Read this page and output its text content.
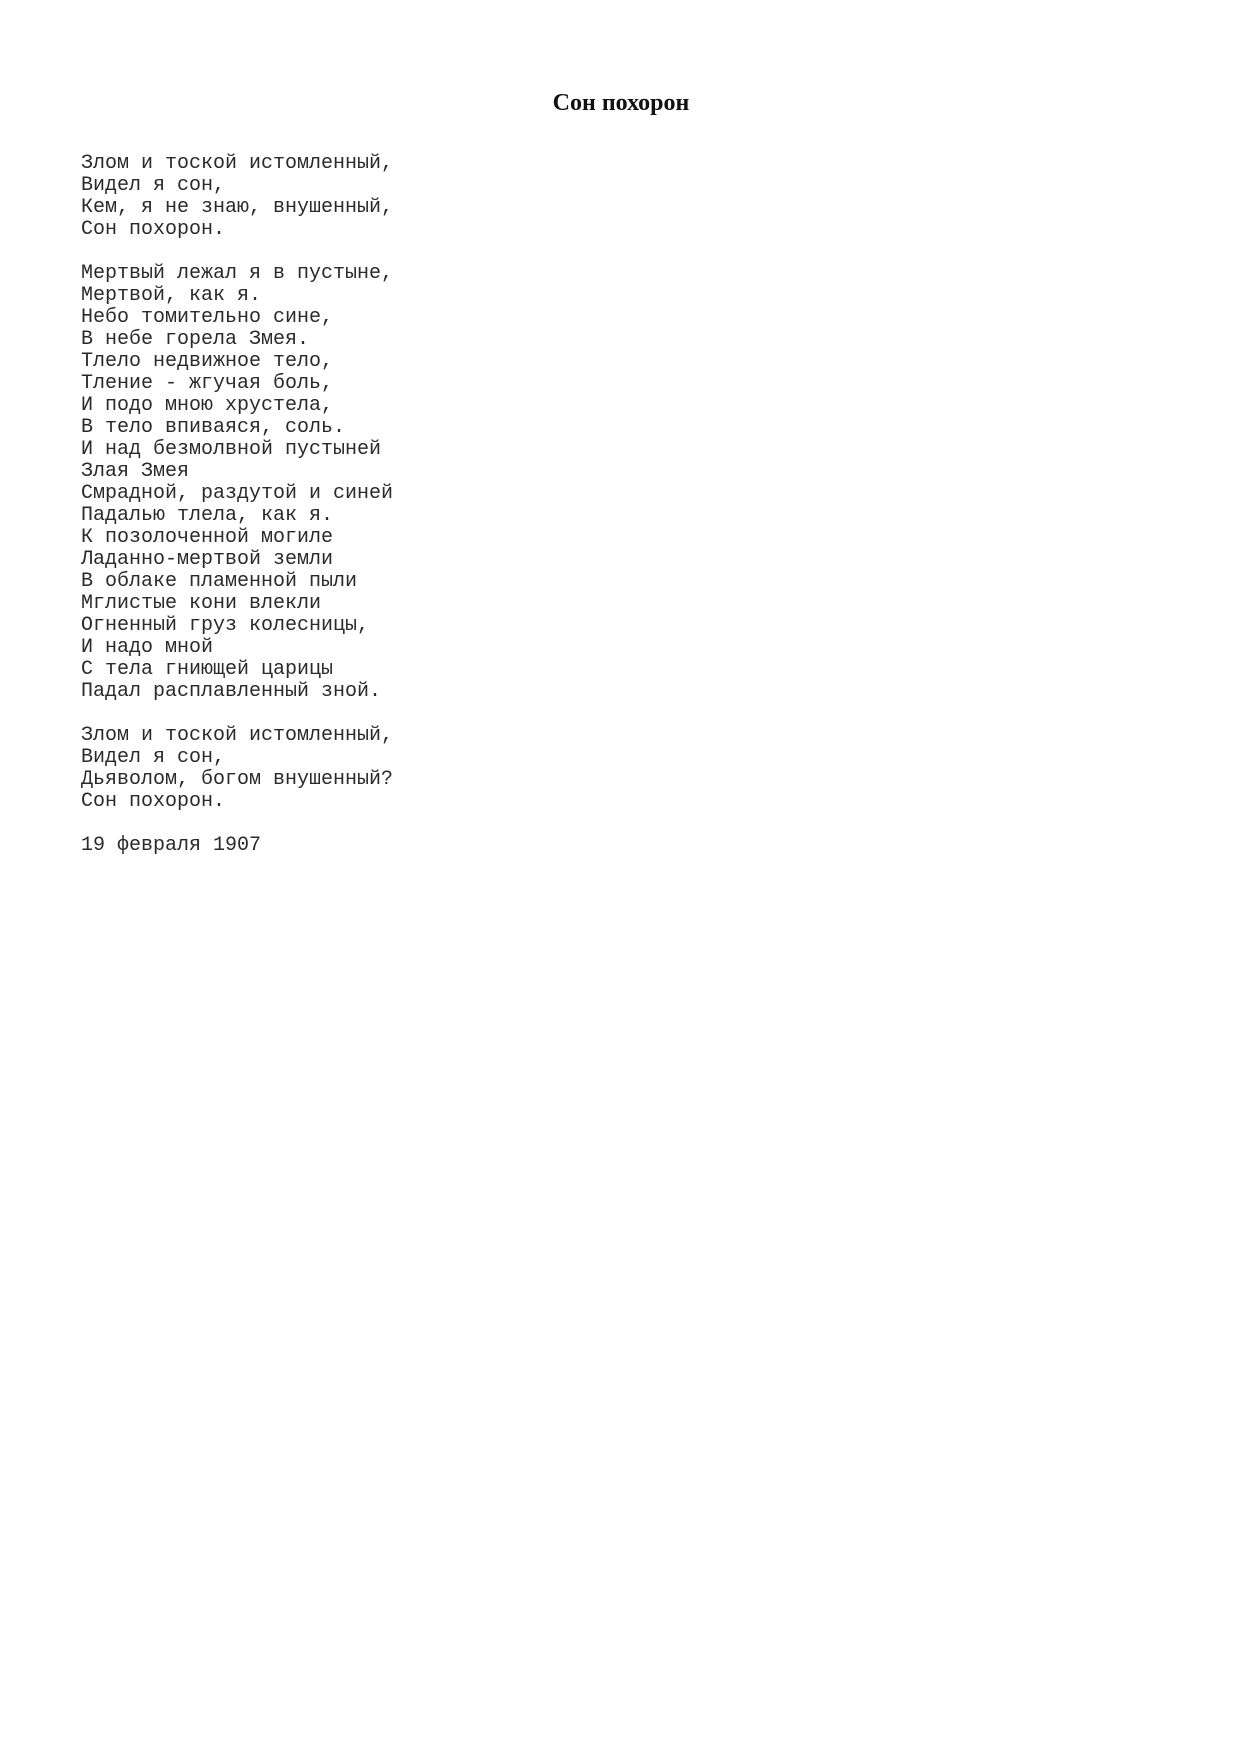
Сон похорон
Злом и тоской истомленный,
Видел я сон,
Кем, я не знаю, внушенный,
Сон похорон.
Мертвый лежал я в пустыне,
Мертвой, как я.
Небо томительно сине,
В небе горела Змея.
Тлело недвижное тело,
Тление - жгучая боль,
И подо мною хрустела,
В тело впиваяся, соль.
И над безмолвной пустыней
Злая Змея
Смрадной, раздутой и синей
Падалью тлела, как я.
К позолоченной могиле
Ладанно-мертвой земли
В облаке пламенной пыли
Мглистые кони влекли
Огненный груз колесницы,
И надо мной
С тела гниющей царицы
Падал расплавленный зной.
Злом и тоской истомленный,
Видел я сон,
Дьяволом, богом внушенный?
Сон похорон.
19 февраля 1907
